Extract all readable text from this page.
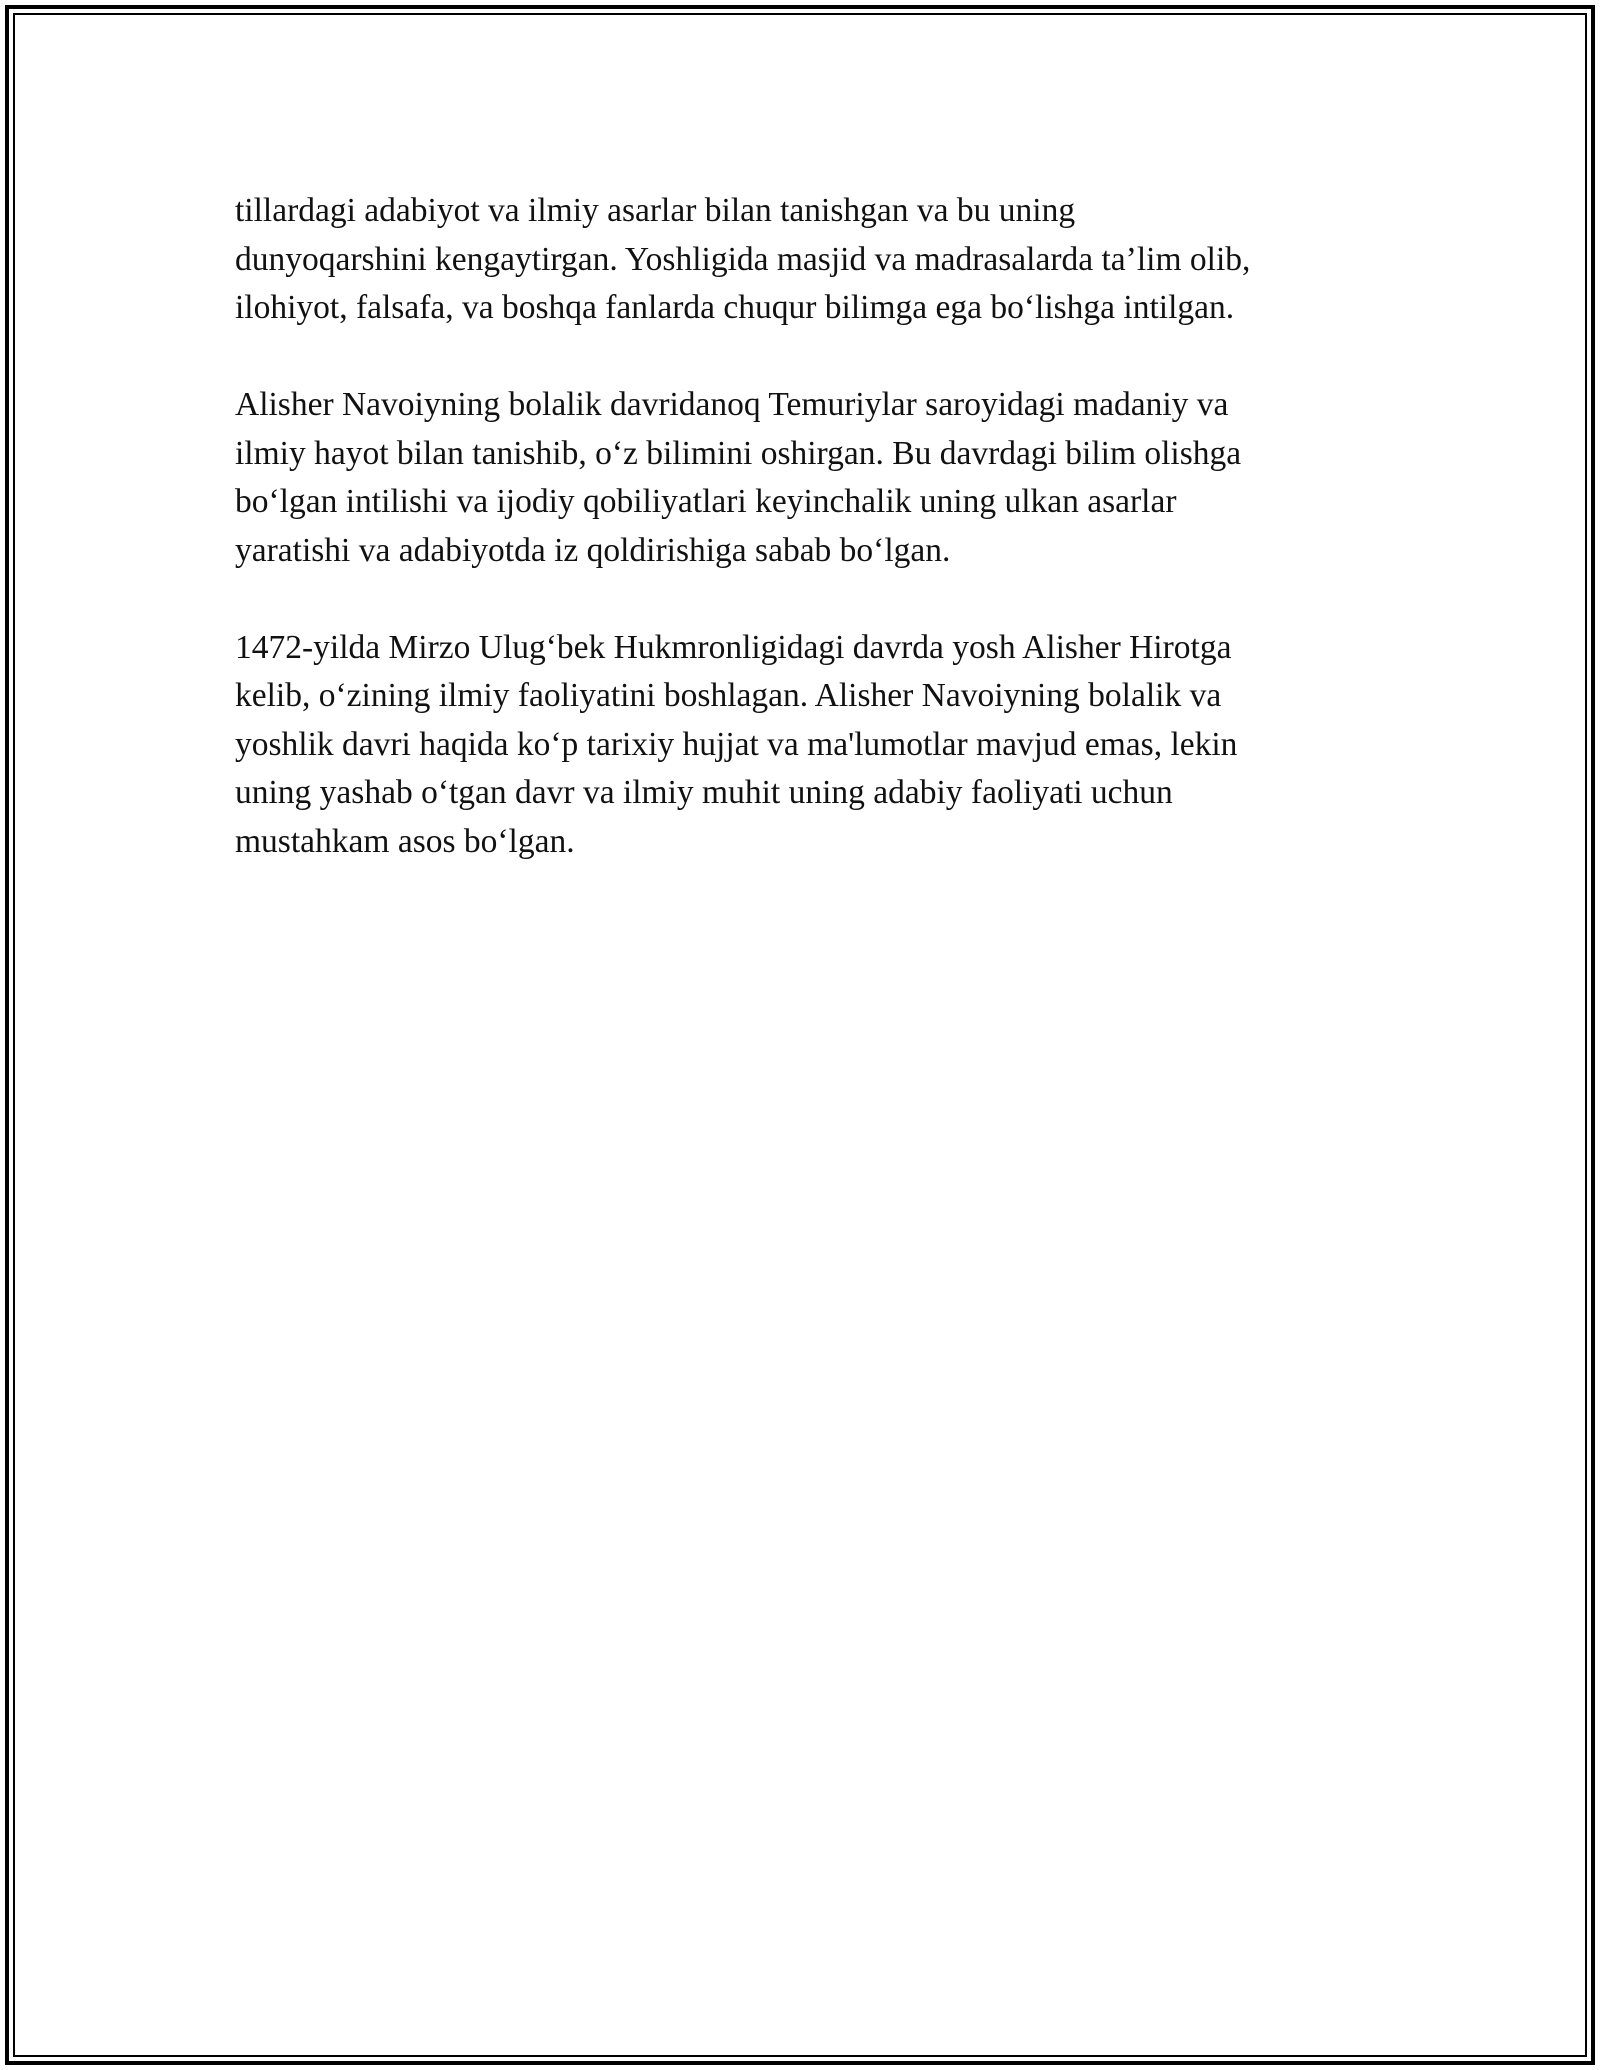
tillardagi adabiyot va ilmiy asarlar bilan tanishgan va bu uning
dunyoqarshini kengaytirgan. Yoshligida masjid va madrasalarda ta’lim olib,
ilohiyot, falsafa, va boshqa fanlarda chuqur bilimga ega bo‘lishga intilgan.

Alisher Navoiyning bolalik davridanoq Temuriylar saroyidagi madaniy va
ilmiy hayot bilan tanishib, o‘z bilimini oshirgan. Bu davrdagi bilim olishga
bo‘lgan intilishi va ijodiy qobiliyatlari keyinchalik uning ulkan asarlar
yaratishi va adabiyotda iz qoldirishiga sabab bo‘lgan.

1472-yilda Mirzo Ulug‘bek Hukmronligidagi davrda yosh Alisher Hirotga
kelib, o‘zining ilmiy faoliyatini boshlagan. Alisher Navoiyning bolalik va
yoshlik davri haqida ko‘p tarixiy hujjat va ma'lumotlar mavjud emas, lekin
uning yashab o‘tgan davr va ilmiy muhit uning adabiy faoliyati uchun
mustahkam asos bo‘lgan.
